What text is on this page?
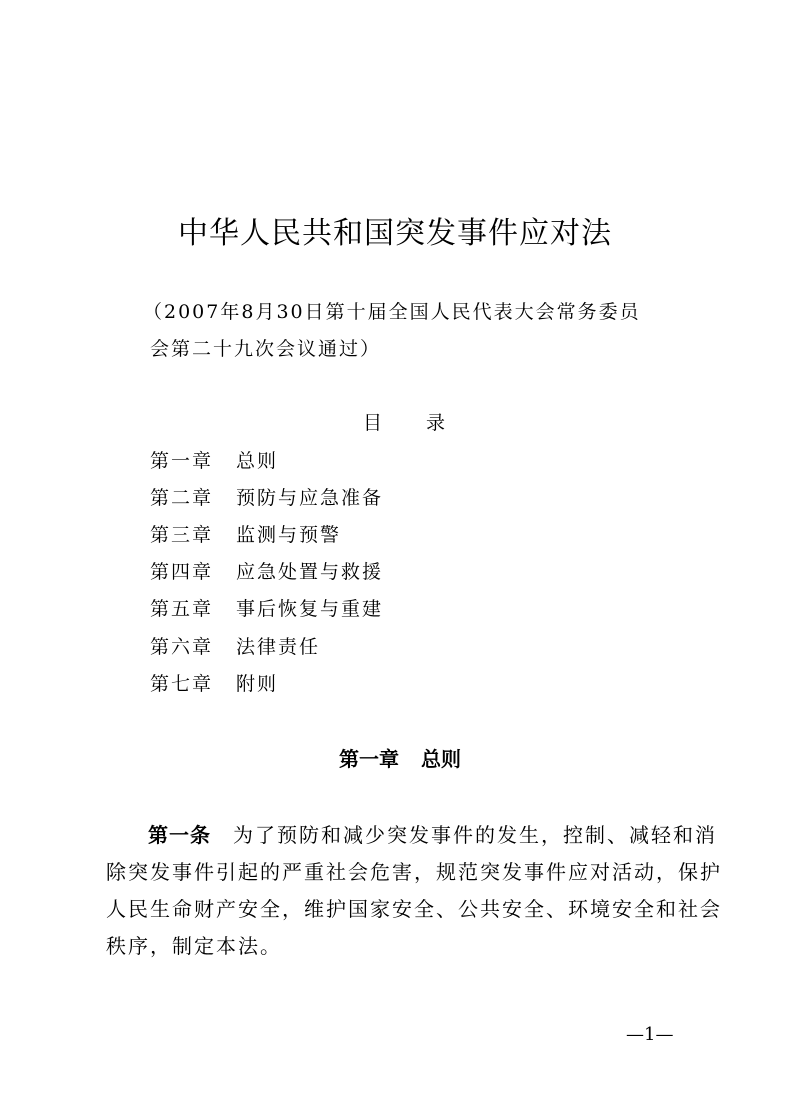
中华人民共和国突发事件应对法
（2007年8月30日第十届全国人民代表大会常务委员
会第二十九次会议通过）
目 录
第一章 总则
第二章 预防与应急准备
第三章 监测与预警
第四章 应急处置与救援
第五章 事后恢复与重建
第六章 法律责任
第七章 附则
第一章 总则
第一条 为了预防和减少突发事件的发生，控制、减轻和消
除突发事件引起的严重社会危害，规范突发事件应对活动，保护
人民生命财产安全，维护国家安全、公共安全、环境安全和社会
秩序，制定本法。
—1—
